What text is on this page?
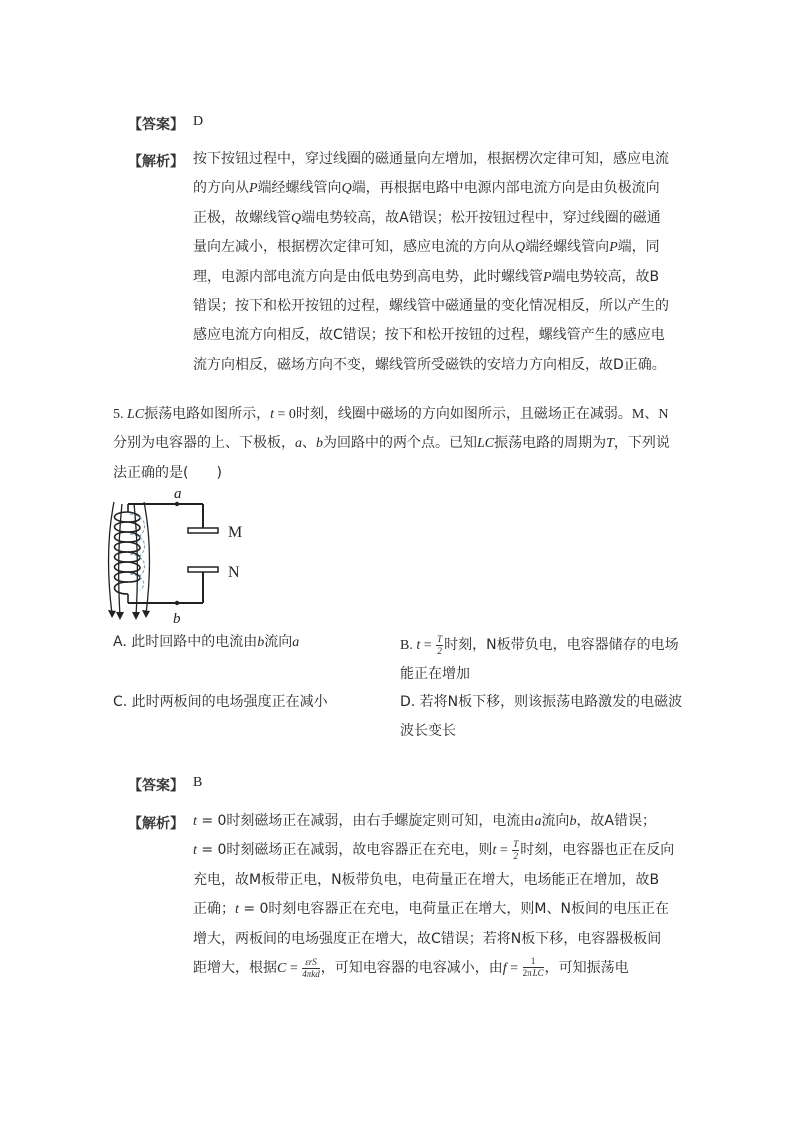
【答案】 D
【解析】 按下按钮过程中，穿过线圈的磁通量向左增加，根据楞次定律可知，感应电流
的方向从P端经螺线管向Q端，再根据电路中电源内部电流方向是由负极流向
正极，故螺线管Q端电势较高，故A错误；松开按钮过程中，穿过线圈的磁通
量向左减小，根据楞次定律可知，感应电流的方向从Q端经螺线管向P端，同
理，电源内部电流方向是由低电势到高电势，此时螺线管P端电势较高，故B
错误；按下和松开按钮的过程，螺线管中磁通量的变化情况相反，所以产生的
感应电流方向相反，故C错误；按下和松开按钮的过程，螺线管产生的感应电
流方向相反，磁场方向不变，螺线管所受磁铁的安培力方向相反，故D正确。
5. LC振荡电路如图所示，t = 0时刻，线圈中磁场的方向如图所示，且磁场正在减弱。M、N
分别为电容器的上、下极板，a、b为回路中的两个点。已知LC振荡电路的周期为T，下列说
法正确的是(　　)
a
b
M
N
A. 此时回路中的电流由b流向a	B. $t = \frac{T}{2}$ 时刻，N板带负电，电容器储存的电场
能正在增加
C. 此时两板间的电场强度正在减小	D. 若将N板下移，则该振荡电路激发的电磁波
波长变长
【答案】 B
【解析】 t = 0时刻磁场正在减弱，由右手螺旋定则可知，电流由a流向b，故A错误；
t = 0时刻磁场正在减弱，故电容器正在充电，则$t = \frac{T}{2}$ 时刻，电容器也正在反向
充电，故M板带正电，N板带负电，电荷量正在增大，电场能正在增加，故B
正确；t = 0时刻电容器正在充电，电荷量正在增大，则M、N板间的电压正在
增大，两板间的电场强度正在增大，故C错误；若将N板下移，电容器极板间
距增大，根据$C = \frac{\text{εrS}}{\text{4πkd}}$ ，可知电容器的电容减小，由$f = \frac{1}{\text{2πLC}}$ ，可知振荡电
